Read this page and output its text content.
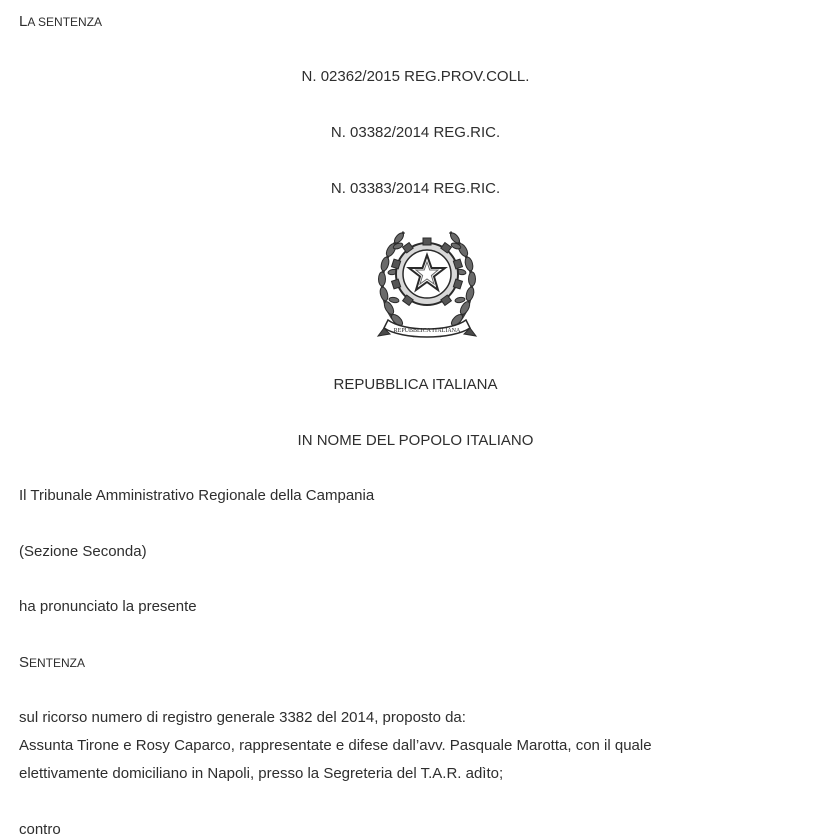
LA SENTENZA
N. 02362/2015 REG.PROV.COLL.
N. 03382/2014 REG.RIC.
N. 03383/2014 REG.RIC.
REPUBBLICA ITALIANA
REPUBBLICA ITALIANA
IN NOME DEL POPOLO ITALIANO
Il Tribunale Amministrativo Regionale della Campania
(Sezione Seconda)
ha pronunciato la presente
SENTENZA
sul ricorso numero di registro generale 3382 del 2014, proposto da:
Assunta Tirone e Rosy Caparco, rappresentate e difese dall’avv. Pasquale Marotta, con il quale
elettivamente domiciliano in Napoli, presso la Segreteria del T.A.R. adìto;
contro
